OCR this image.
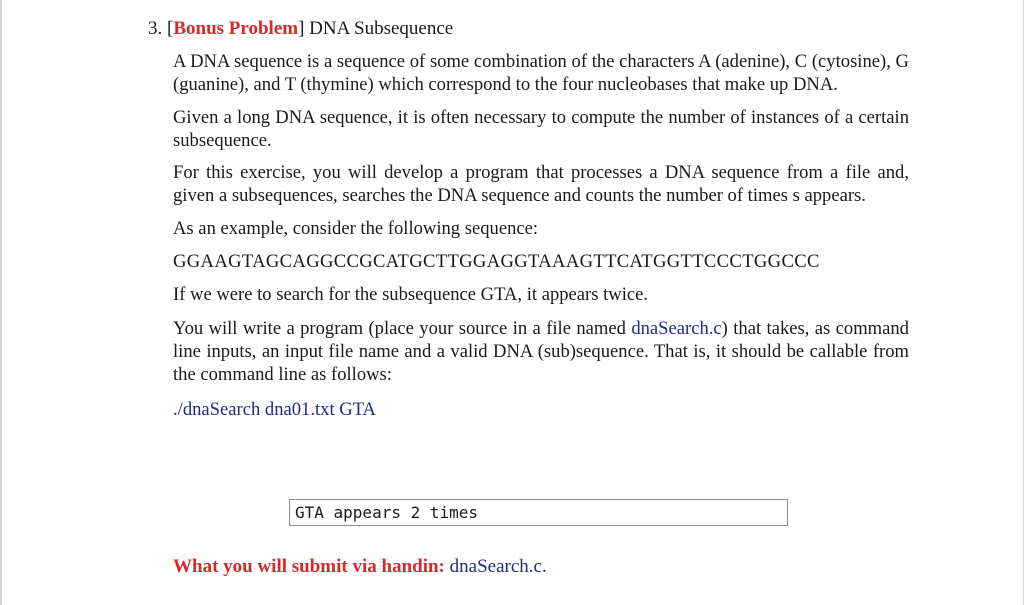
3. [Bonus Problem] DNA Subsequence

A DNA sequence is a sequence of some combination of the characters A (adenine), C (cytosine), G (guanine), and T (thymine) which correspond to the four nucleobases that make up DNA.

Given a long DNA sequence, it is often necessary to compute the number of instances of a certain subsequence.

For this exercise, you will develop a program that processes a DNA sequence from a file and, given a subsequences, searches the DNA sequence and counts the number of times s appears.

As an example, consider the following sequence:

GGAAGTAGCAGGCCGCATGCTTGGAGGTAAAGTTCATGGTTCCCTGGCCC

If we were to search for the subsequence GTA, it appears twice.

You will write a program (place your source in a file named dnaSearch.c) that takes, as command line inputs, an input file name and a valid DNA (sub)sequence. That is, it should be callable from the command line as follows:

./dnaSearch dna01.txt GTA

GTA appears 2 times
What you will submit via handin: dnaSearch.c.
